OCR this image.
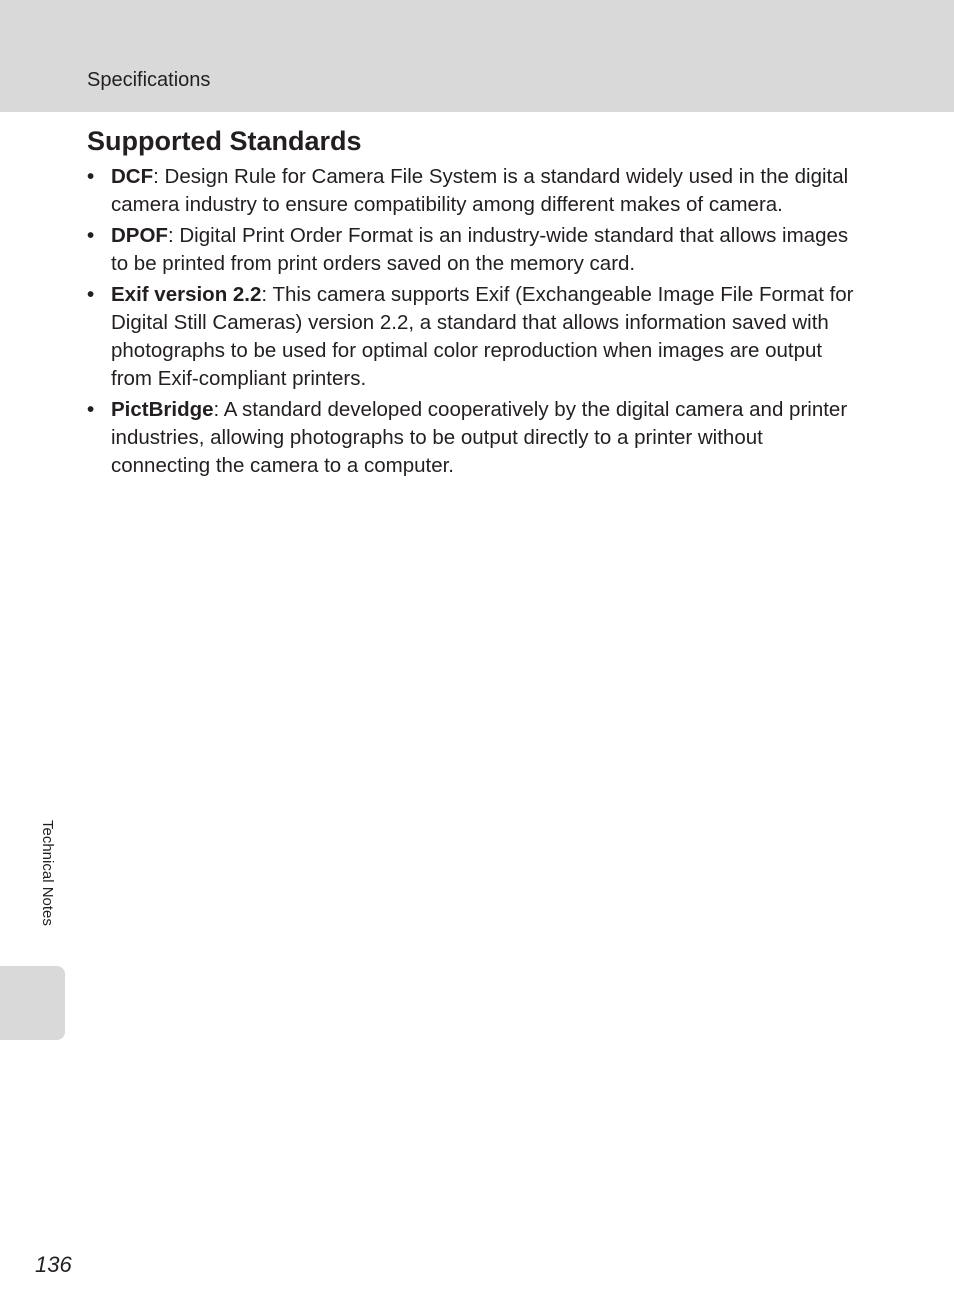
Specifications
Supported Standards
• DCF: Design Rule for Camera File System is a standard widely used in the digital camera industry to ensure compatibility among different makes of camera.
• DPOF: Digital Print Order Format is an industry-wide standard that allows images to be printed from print orders saved on the memory card.
• Exif version 2.2: This camera supports Exif (Exchangeable Image File Format for Digital Still Cameras) version 2.2, a standard that allows information saved with photographs to be used for optimal color reproduction when images are output from Exif-compliant printers.
• PictBridge: A standard developed cooperatively by the digital camera and printer industries, allowing photographs to be output directly to a printer without connecting the camera to a computer.
Technical Notes
136
